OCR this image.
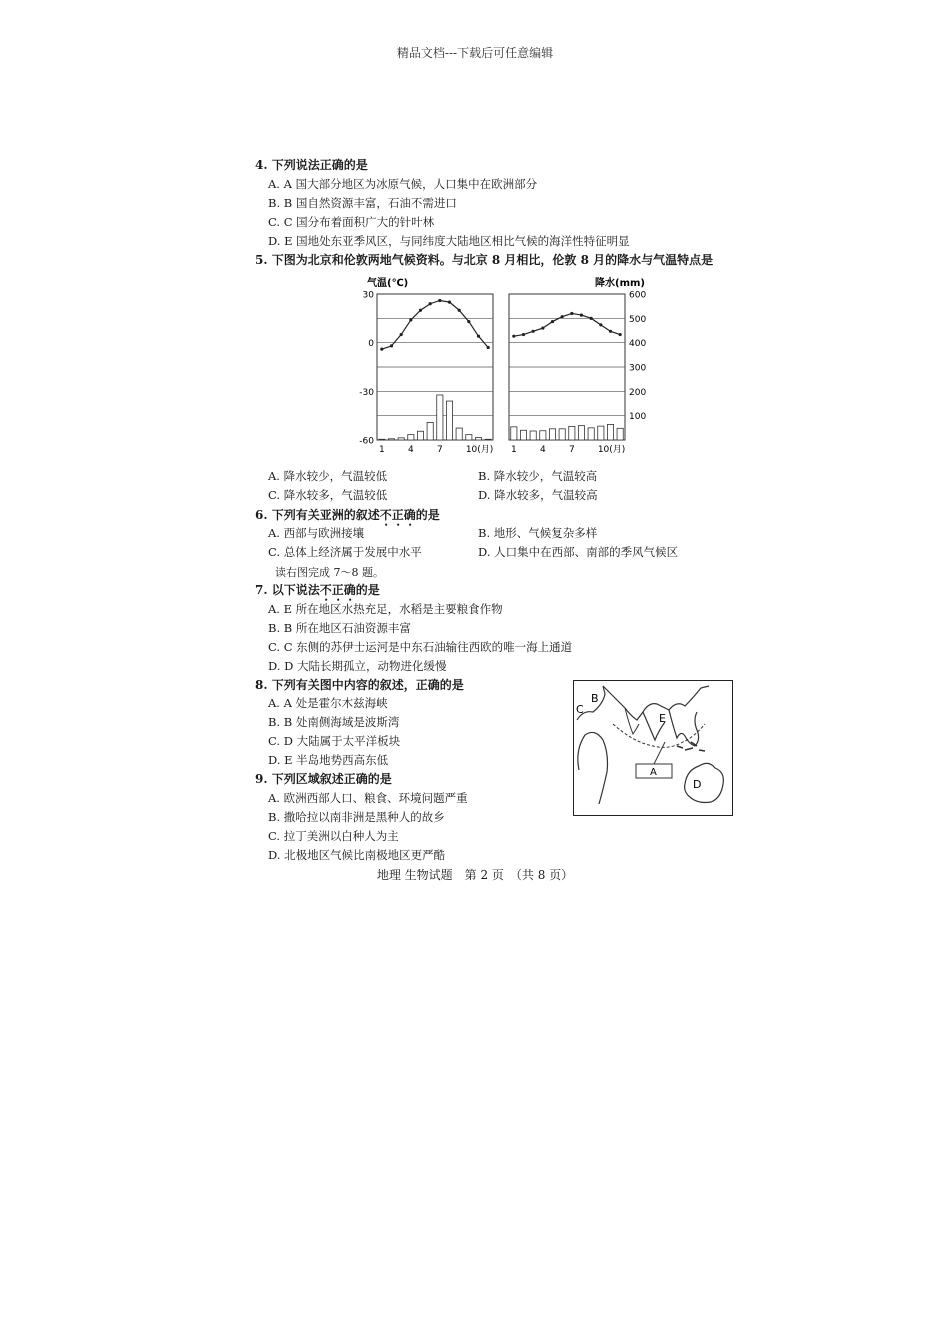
精品文档---下载后可任意编辑
4. 下列说法正确的是
A. A 国大部分地区为冰原气候，人口集中在欧洲部分
B. B 国自然资源丰富，石油不需进口
C. C 国分布着面积广大的针叶林
D. E 国地处东亚季风区，与同纬度大陆地区相比气候的海洋性特征明显
5. 下图为北京和伦敦两地气候资料。与北京 8 月相比，伦敦 8 月的降水与气温特点是
气温(℃)	降水(mm)
30
0
-30
-60
600
500
400
300
200
100
1	4	7	10(月) 1	4	7	10(月)
A. 降水较少，气温较低	B. 降水较少，气温较高
C. 降水较多，气温较低	D. 降水较多，气温较高
6. 下列有关亚洲的叙述不正确的是
A. 西部与欧洲接壤	B. 地形、气候复杂多样
C. 总体上经济属于发展中水平	D. 人口集中在西部、南部的季风气候区
读右图完成 7～8 题。
7. 以下说法不正确的是
A. E 所在地区水热充足，水稻是主要粮食作物
B. B 所在地区石油资源丰富
C. C 东侧的苏伊士运河是中东石油输往西欧的唯一海上通道
D. D 大陆长期孤立，动物进化缓慢
8. 下列有关图中内容的叙述，正确的是
A. A 处是霍尔木兹海峡
B. B 处南侧海域是波斯湾
C. D 大陆属于太平洋板块
D. E 半岛地势西高东低
9. 下列区域叙述正确的是
A. 欧洲西部人口、粮食、环境问题严重
B. 撒哈拉以南非洲是黑种人的故乡
C. 拉丁美洲以白种人为主
D. 北极地区气候比南极地区更严酷
A
B
C
D
E
地理 生物试题　第 2 页　（共 8 页）
